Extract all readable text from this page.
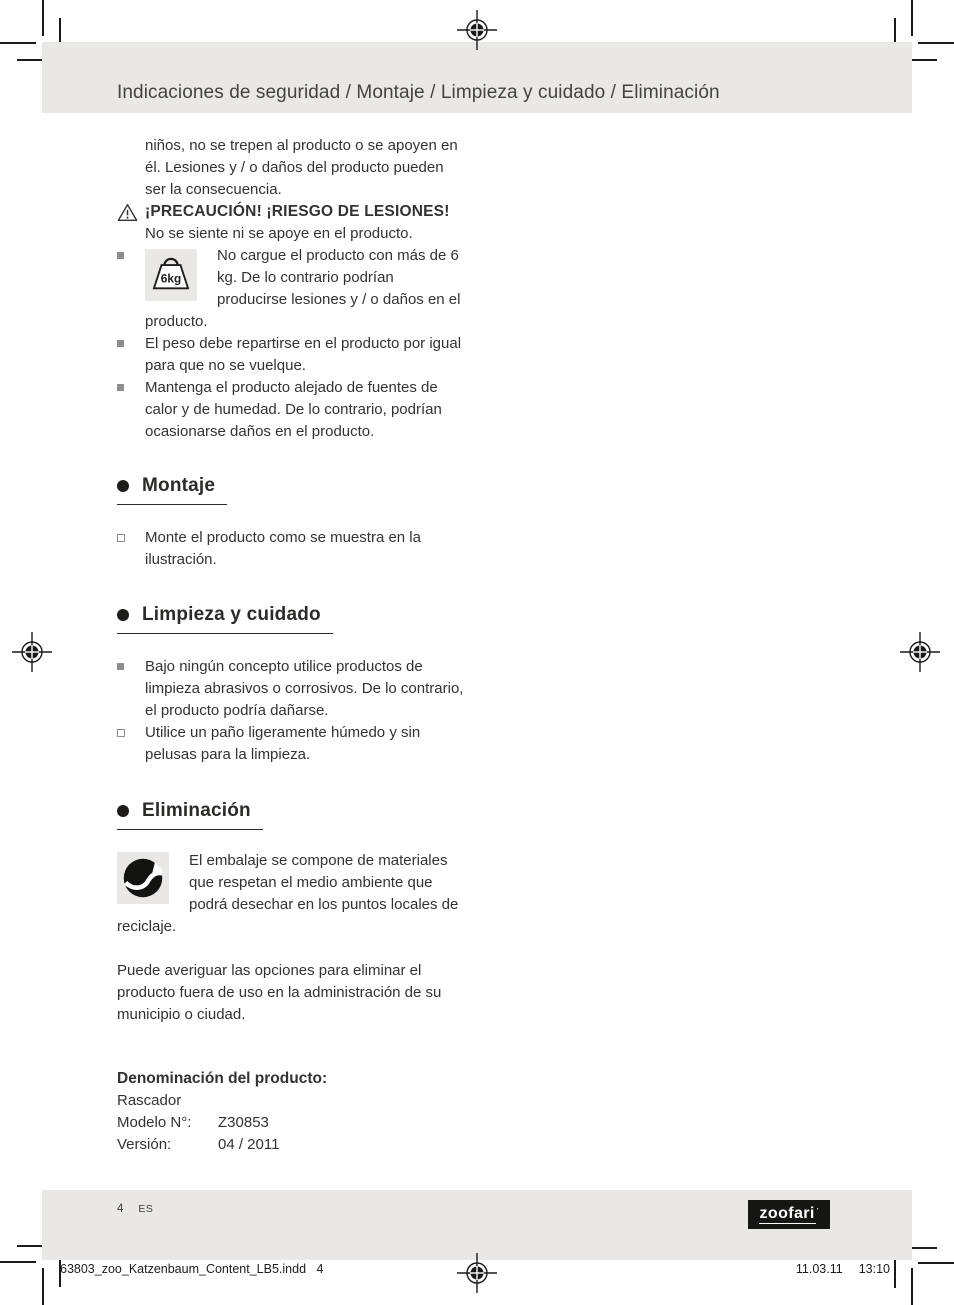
Indicaciones de seguridad / Montaje / Limpieza y cuidado / Eliminación

niños, no se trepen al producto o se apoyen en él. Lesiones y / o daños del producto pueden ser la consecuencia.

¡PRECAUCIÓN! ¡RIESGO DE LESIONES!
No se siente ni se apoye en el producto.
6kg
No cargue el producto con más de 6 kg. De lo contrario podrían producirse lesiones y / o daños en el producto.
El peso debe repartirse en el producto por igual para que no se vuelque.
Mantenga el producto alejado de fuentes de calor y de humedad. De lo contrario, podrían ocasionarse daños en el producto.
Montaje
Monte el producto como se muestra en la ilustración.
Limpieza y cuidado
Bajo ningún concepto utilice productos de limpieza abrasivos o corrosivos. De lo contrario, el producto podría dañarse.
Utilice un paño ligeramente húmedo y sin pelusas para la limpieza.
Eliminación
El embalaje se compone de materiales que respetan el medio ambiente que podrá desechar en los puntos locales de reciclaje.

Puede averiguar las opciones para eliminar el producto fuera de uso en la administración de su municipio o ciudad.

Denominación del producto:
Rascador
Modelo N°: Z30853
Versión:	04 / 2011
4 ES	zoofari ·
63803_zoo_Katzenbaum_Content_LB5.indd   4	11.03.11 13:10
